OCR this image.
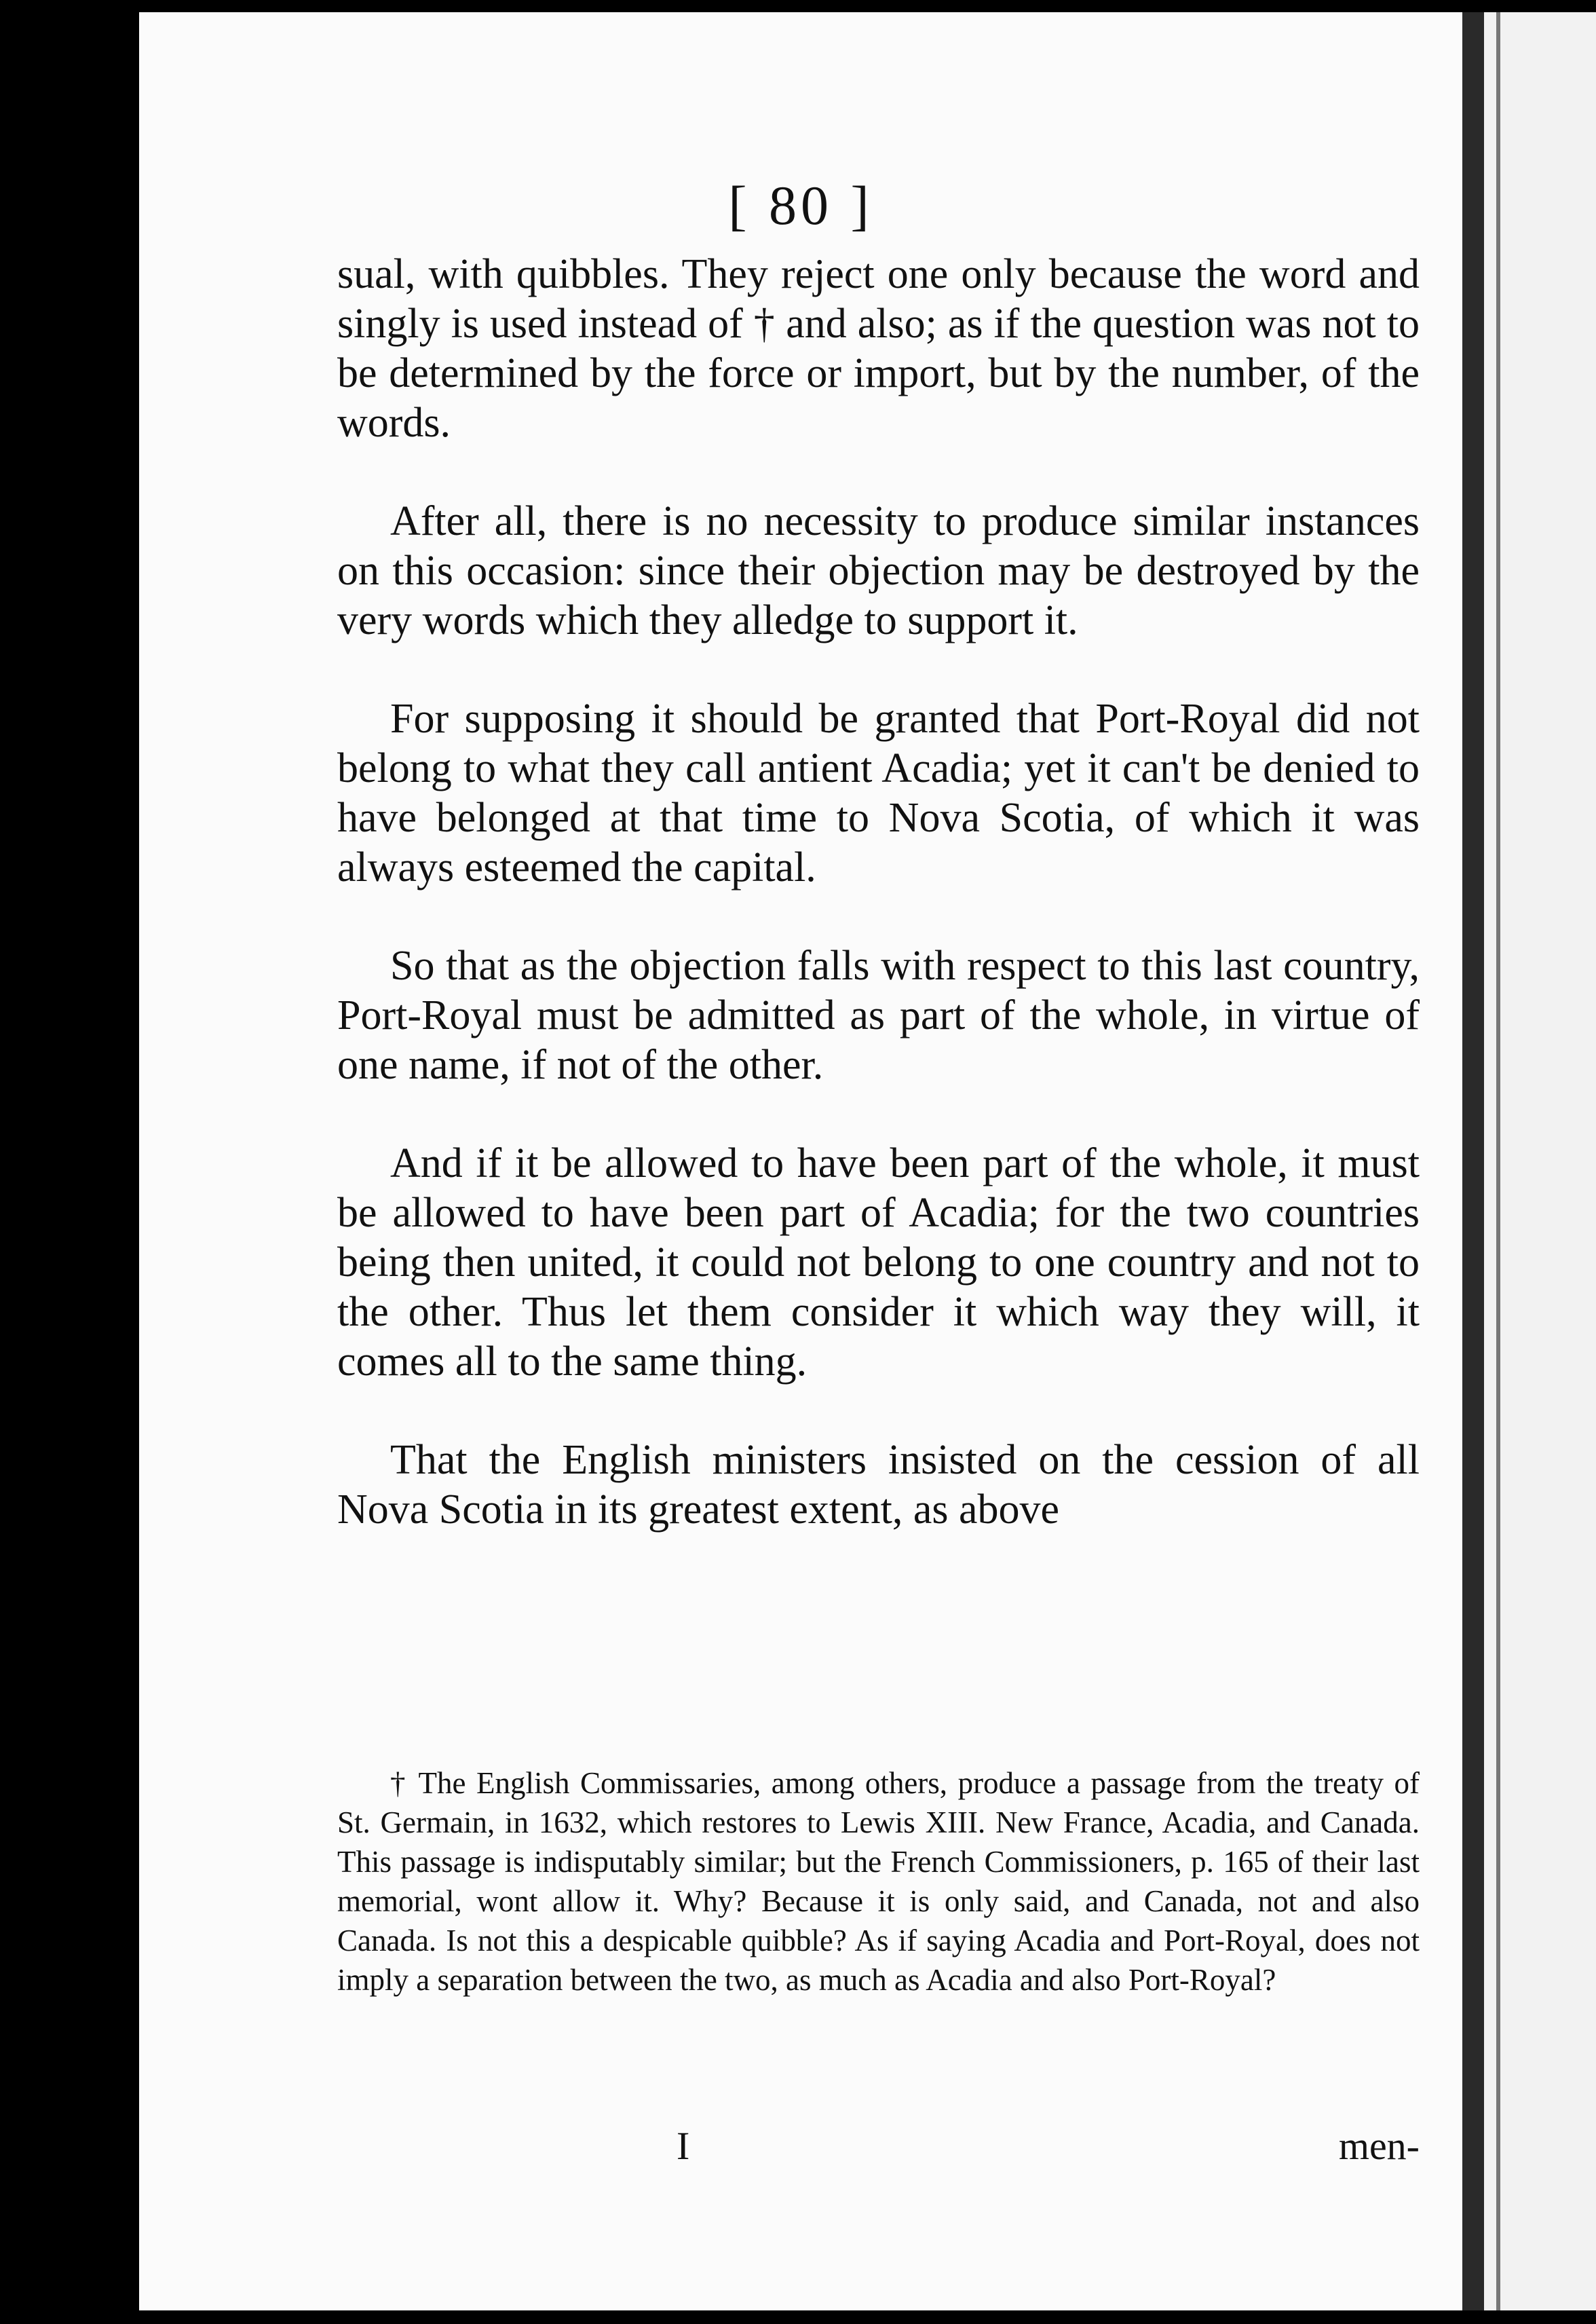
[ 80 ]

sual, with quibbles. They reject one only because the word and singly is used instead of † and also; as if the question was not to be determined by the force or import, but by the number, of the words.

After all, there is no necessity to produce similar instances on this occasion: since their objection may be destroyed by the very words which they alledge to support it.

For supposing it should be granted that Port-Royal did not belong to what they call antient Acadia; yet it can't be denied to have belonged at that time to Nova Scotia, of which it was always esteemed the capital.

So that as the objection falls with respect to this last country, Port-Royal must be admitted as part of the whole, in virtue of one name, if not of the other.

And if it be allowed to have been part of the whole, it must be allowed to have been part of Acadia; for the two countries being then united, it could not belong to one country and not to the other. Thus let them consider it which way they will, it comes all to the same thing.

That the English ministers insisted on the cession of all Nova Scotia in its greatest extent, as above

† The English Commissaries, among others, produce a passage from the treaty of St. Germain, in 1632, which restores to Lewis XIII. New France, Acadia, and Canada. This passage is indisputably similar; but the French Commissioners, p. 165 of their last memorial, wont allow it. Why? Because it is only said, and Canada, not and also Canada. Is not this a despicable quibble? As if saying Acadia and Port-Royal, does not imply a separation between the two, as much as Acadia and also Port-Royal?
I	men-
